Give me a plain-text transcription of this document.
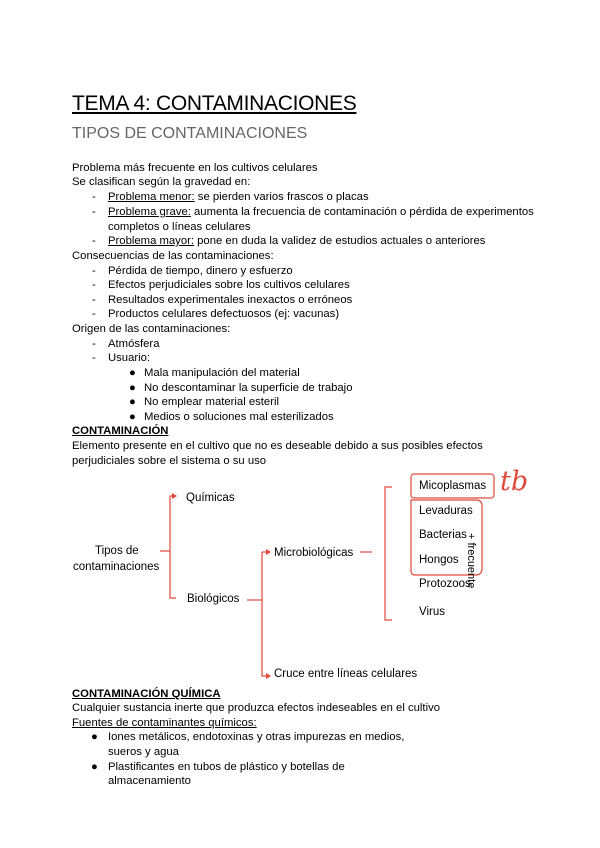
TEMA 4: CONTAMINACIONES
TIPOS DE CONTAMINACIONES
Problema más frecuente en los cultivos celulares
Se clasifican según la gravedad en:
- Problema menor: se pierden varios frascos o placas
- Problema grave: aumenta la frecuencia de contaminación o pérdida de experimentos
completos o líneas celulares
- Problema mayor: pone en duda la validez de estudios actuales o anteriores
Consecuencias de las contaminaciones:
- Pérdida de tiempo, dinero y esfuerzo
- Efectos perjudiciales sobre los cultivos celulares
- Resultados experimentales inexactos o erróneos
- Productos celulares defectuosos (ej: vacunas)
Origen de las contaminaciones:
- Atmósfera
- Usuario:
● Mala manipulación del material
● No descontaminar la superficie de trabajo
● No emplear material esteril
● Medios o soluciones mal esterilizados
CONTAMINACIÓN
Elemento presente en el cultivo que no es deseable debido a sus posibles efectos
perjudiciales sobre el sistema o su uso
Tipos de
contaminaciones
Químicas
Biológicos
Microbiológicas
Cruce entre líneas celulares
Micoplasmas
Levaduras
Bacterias
Hongos
Protozoos
Virus
tb
+ frecuente
CONTAMINACIÓN QUÍMICA
Cualquier sustancia inerte que produzca efectos indeseables en el cultivo
Fuentes de contaminantes químicos:
● Iones metálicos, endotoxinas y otras impurezas en medios,
sueros y agua
● Plastificantes en tubos de plástico y botellas de
almacenamiento
